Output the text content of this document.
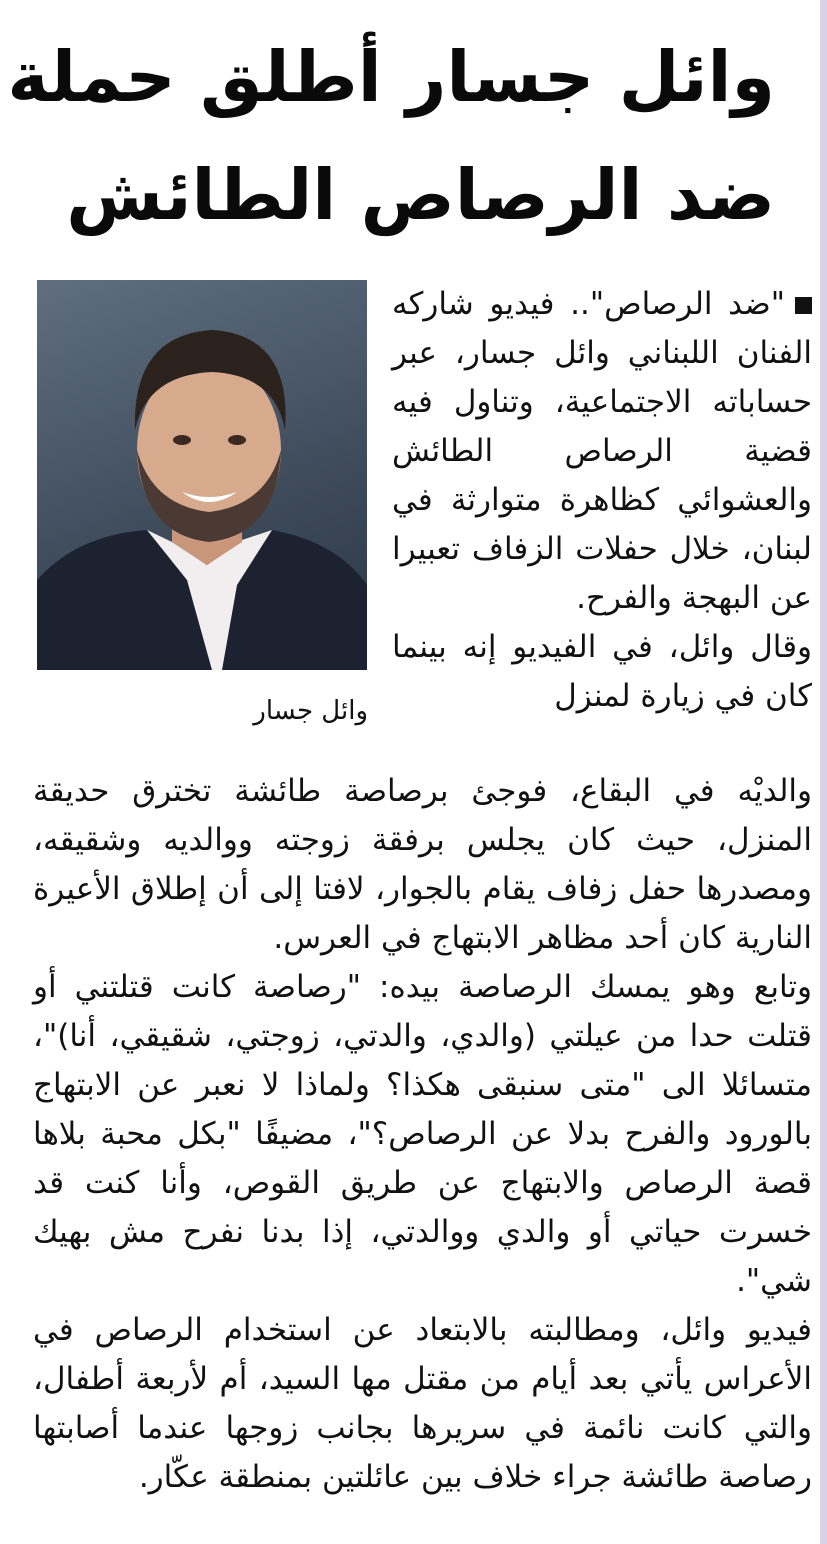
وائل جسار أطلق حملة
ضد الرصاص الطائش
وائل جسار

"ضد الرصاص".. فيديو شاركه الفنان اللبناني وائل جسار، عبر حساباته الاجتماعية، وتناول فيه قضية الرصاص الطائش والعشوائي كظاهرة متوارثة في لبنان، خلال حفلات الزفاف تعبيرا عن البهجة والفرح.

وقال وائل، في الفيديو إنه بينما كان في زيارة لمنزل

والديْه في البقاع، فوجئ برصاصة طائشة تخترق حديقة المنزل، حيث كان يجلس برفقة زوجته ووالديه وشقيقه، ومصدرها حفل زفاف يقام بالجوار، لافتا إلى أن إطلاق الأعيرة النارية كان أحد مظاهر الابتهاج في العرس.

وتابع وهو يمسك الرصاصة بيده: "رصاصة كانت قتلتني أو قتلت حدا من عيلتي (والدي، والدتي، زوجتي، شقيقي، أنا)"، متسائلا الى "متى سنبقى هكذا؟ ولماذا لا نعبر عن الابتهاج بالورود والفرح بدلا عن الرصاص؟"، مضيفًا "بكل محبة بلاها قصة الرصاص والابتهاج عن طريق القوص، وأنا كنت قد خسرت حياتي أو والدي ووالدتي، إذا بدنا نفرح مش بهيك شي".

فيديو وائل، ومطالبته بالابتعاد عن استخدام الرصاص في الأعراس يأتي بعد أيام من مقتل مها السيد، أم لأربعة أطفال، والتي كانت نائمة في سريرها بجانب زوجها عندما أصابتها رصاصة طائشة جراء خلاف بين عائلتين بمنطقة عكّار.
